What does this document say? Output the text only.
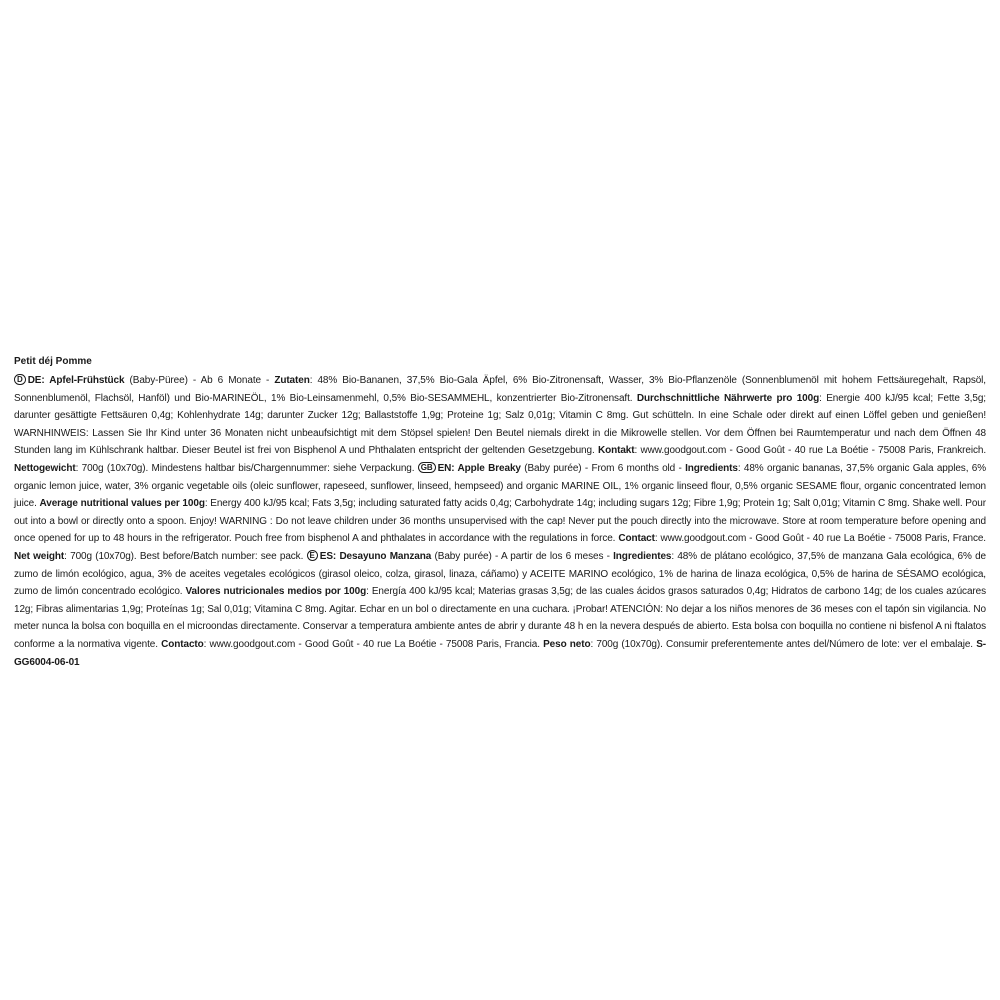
Petit déj Pomme

D DE: Apfel-Frühstück (Baby-Püree) - Ab 6 Monate - Zutaten: 48% Bio-Bananen, 37,5% Bio-Gala Äpfel, 6% Bio-Zitronensaft, Wasser, 3% Bio-Pflanzenöle (Sonnenblumenöl mit hohem Fettsäuregehalt, Rapsöl, Sonnenblumenöl, Flachsöl, Hanföl) und Bio-MARINEÖL, 1% Bio-Leinsamenmehl, 0,5% Bio-SESAMMEHL, konzentrierter Bio-Zitronensaft. Durchschnittliche Nährwerte pro 100g: Energie 400 kJ/95 kcal; Fette 3,5g; darunter gesättigte Fettsäuren 0,4g; Kohlenhydrate 14g; darunter Zucker 12g; Ballaststoffe 1,9g; Proteine 1g; Salz 0,01g; Vitamin C 8mg. Gut schütteln. In eine Schale oder direkt auf einen Löffel geben und genießen! WARNHINWEIS: Lassen Sie Ihr Kind unter 36 Monaten nicht unbeaufsichtigt mit dem Stöpsel spielen! Den Beutel niemals direkt in die Mikrowelle stellen. Vor dem Öffnen bei Raumtemperatur und nach dem Öffnen 48 Stunden lang im Kühlschrank haltbar. Dieser Beutel ist frei von Bisphenol A und Phthalaten entspricht der geltenden Gesetzgebung. Kontakt: www.goodgout.com - Good Goût - 40 rue La Boétie - 75008 Paris, Frankreich. Nettogewicht: 700g (10x70g). Mindestens haltbar bis/Chargennummer: siehe Verpackung. GB EN: Apple Breaky (Baby purée) - From 6 months old - Ingredients: 48% organic bananas, 37,5% organic Gala apples, 6% organic lemon juice, water, 3% organic vegetable oils (oleic sunflower, rapeseed, sunflower, linseed, hempseed) and organic MARINE OIL, 1% organic linseed flour, 0,5% organic SESAME flour, organic concentrated lemon juice. Average nutritional values per 100g: Energy 400 kJ/95 kcal; Fats 3,5g; including saturated fatty acids 0,4g; Carbohydrate 14g; including sugars 12g; Fibre 1,9g; Protein 1g; Salt 0,01g; Vitamin C 8mg. Shake well. Pour out into a bowl or directly onto a spoon. Enjoy! WARNING : Do not leave children under 36 months unsupervised with the cap! Never put the pouch directly into the microwave. Store at room temperature before opening and once opened for up to 48 hours in the refrigerator. Pouch free from bisphenol A and phthalates in accordance with the regulations in force. Contact: www.goodgout.com - Good Goût - 40 rue La Boétie - 75008 Paris, France. Net weight: 700g (10x70g). Best before/Batch number: see pack. E ES: Desayuno Manzana (Baby purée) - A partir de los 6 meses - Ingredientes: 48% de plátano ecológico, 37,5% de manzana Gala ecológica, 6% de zumo de limón ecológico, agua, 3% de aceites vegetales ecológicos (girasol oleico, colza, girasol, linaza, cáñamo) y ACEITE MARINO ecológico, 1% de harina de linaza ecológica, 0,5% de harina de SÉSAMO ecológica, zumo de limón concentrado ecológico. Valores nutricionales medios por 100g: Energía 400 kJ/95 kcal; Materias grasas 3,5g; de las cuales ácidos grasos saturados 0,4g; Hidratos de carbono 14g; de los cuales azúcares 12g; Fibras alimentarias 1,9g; Proteínas 1g; Sal 0,01g; Vitamina C 8mg. Agitar. Echar en un bol o directamente en una cuchara. ¡Probar! ATENCIÓN: No dejar a los niños menores de 36 meses con el tapón sin vigilancia. No meter nunca la bolsa con boquilla en el microondas directamente. Conservar a temperatura ambiente antes de abrir y durante 48 h en la nevera después de abierto. Esta bolsa con boquilla no contiene ni bisfenol A ni ftalatos conforme a la normativa vigente. Contacto: www.goodgout.com - Good Goût - 40 rue La Boétie - 75008 Paris, Francia. Peso neto: 700g (10x70g). Consumir preferentemente antes del/Número de lote: ver el embalaje. S-GG6004-06-01
